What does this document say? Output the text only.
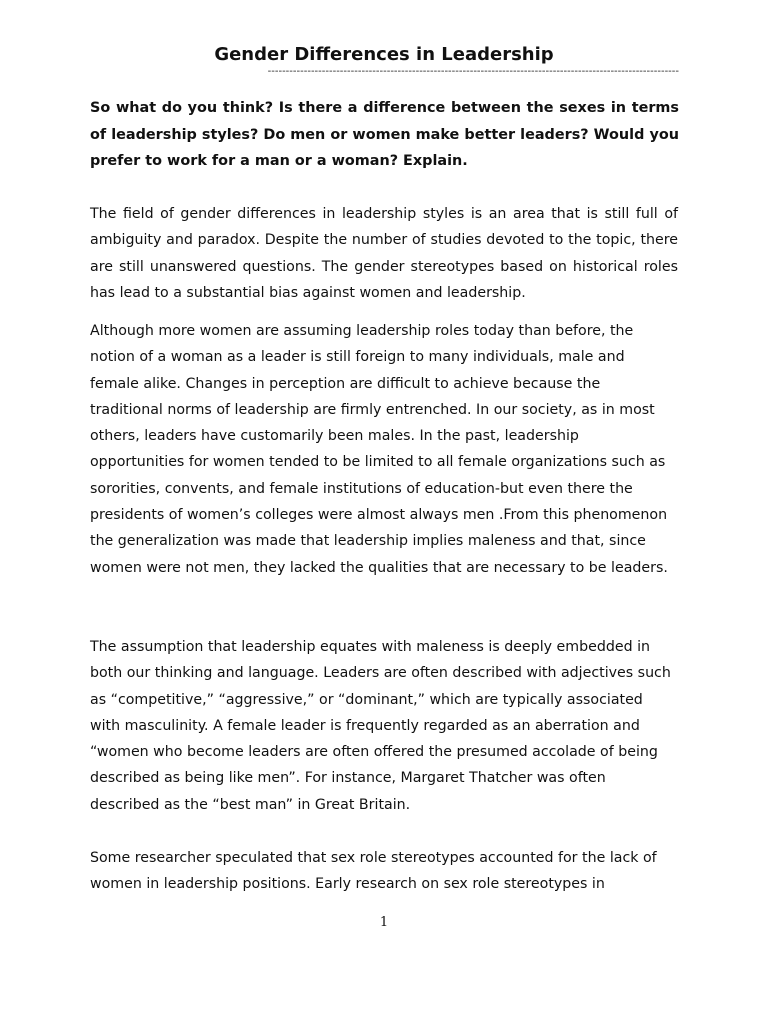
Gender Differences in Leadership
------------------------------------------------------------------------------------------------------------------
So what do you think? Is there a difference between the sexes in terms of leadership styles? Do men or women make better leaders? Would you prefer to work for a man or a woman? Explain.

The field of gender differences in leadership styles is an area that is still full of ambiguity and paradox. Despite the number of studies devoted to the topic, there are still unanswered questions. The gender stereotypes based on historical roles has lead to a substantial bias against women and leadership.

Although more women are assuming leadership roles today than before, the notion of a woman as a leader is still foreign to many individuals, male and female alike. Changes in perception are difficult to achieve because the traditional norms of leadership are firmly entrenched. In our society, as in most others, leaders have customarily been males. In the past, leadership opportunities for women tended to be limited to all female organizations such as sororities, convents, and female institutions of education-but even there the presidents of women’s colleges were almost always men .From this phenomenon the generalization was made that leadership implies maleness and that, since women were not men, they lacked the qualities that are necessary to be leaders.

The assumption that leadership equates with maleness is deeply embedded in both our thinking and language. Leaders are often described with adjectives such as “competitive,” “aggressive,” or “dominant,” which are typically associated with masculinity. A female leader is frequently regarded as an aberration and “women who become leaders are often offered the presumed accolade of being described as being like men”. For instance, Margaret Thatcher was often described as the “best man” in Great Britain.

Some researcher speculated that sex role stereotypes accounted for the lack of women in leadership positions. Early research on sex role stereotypes in

1
